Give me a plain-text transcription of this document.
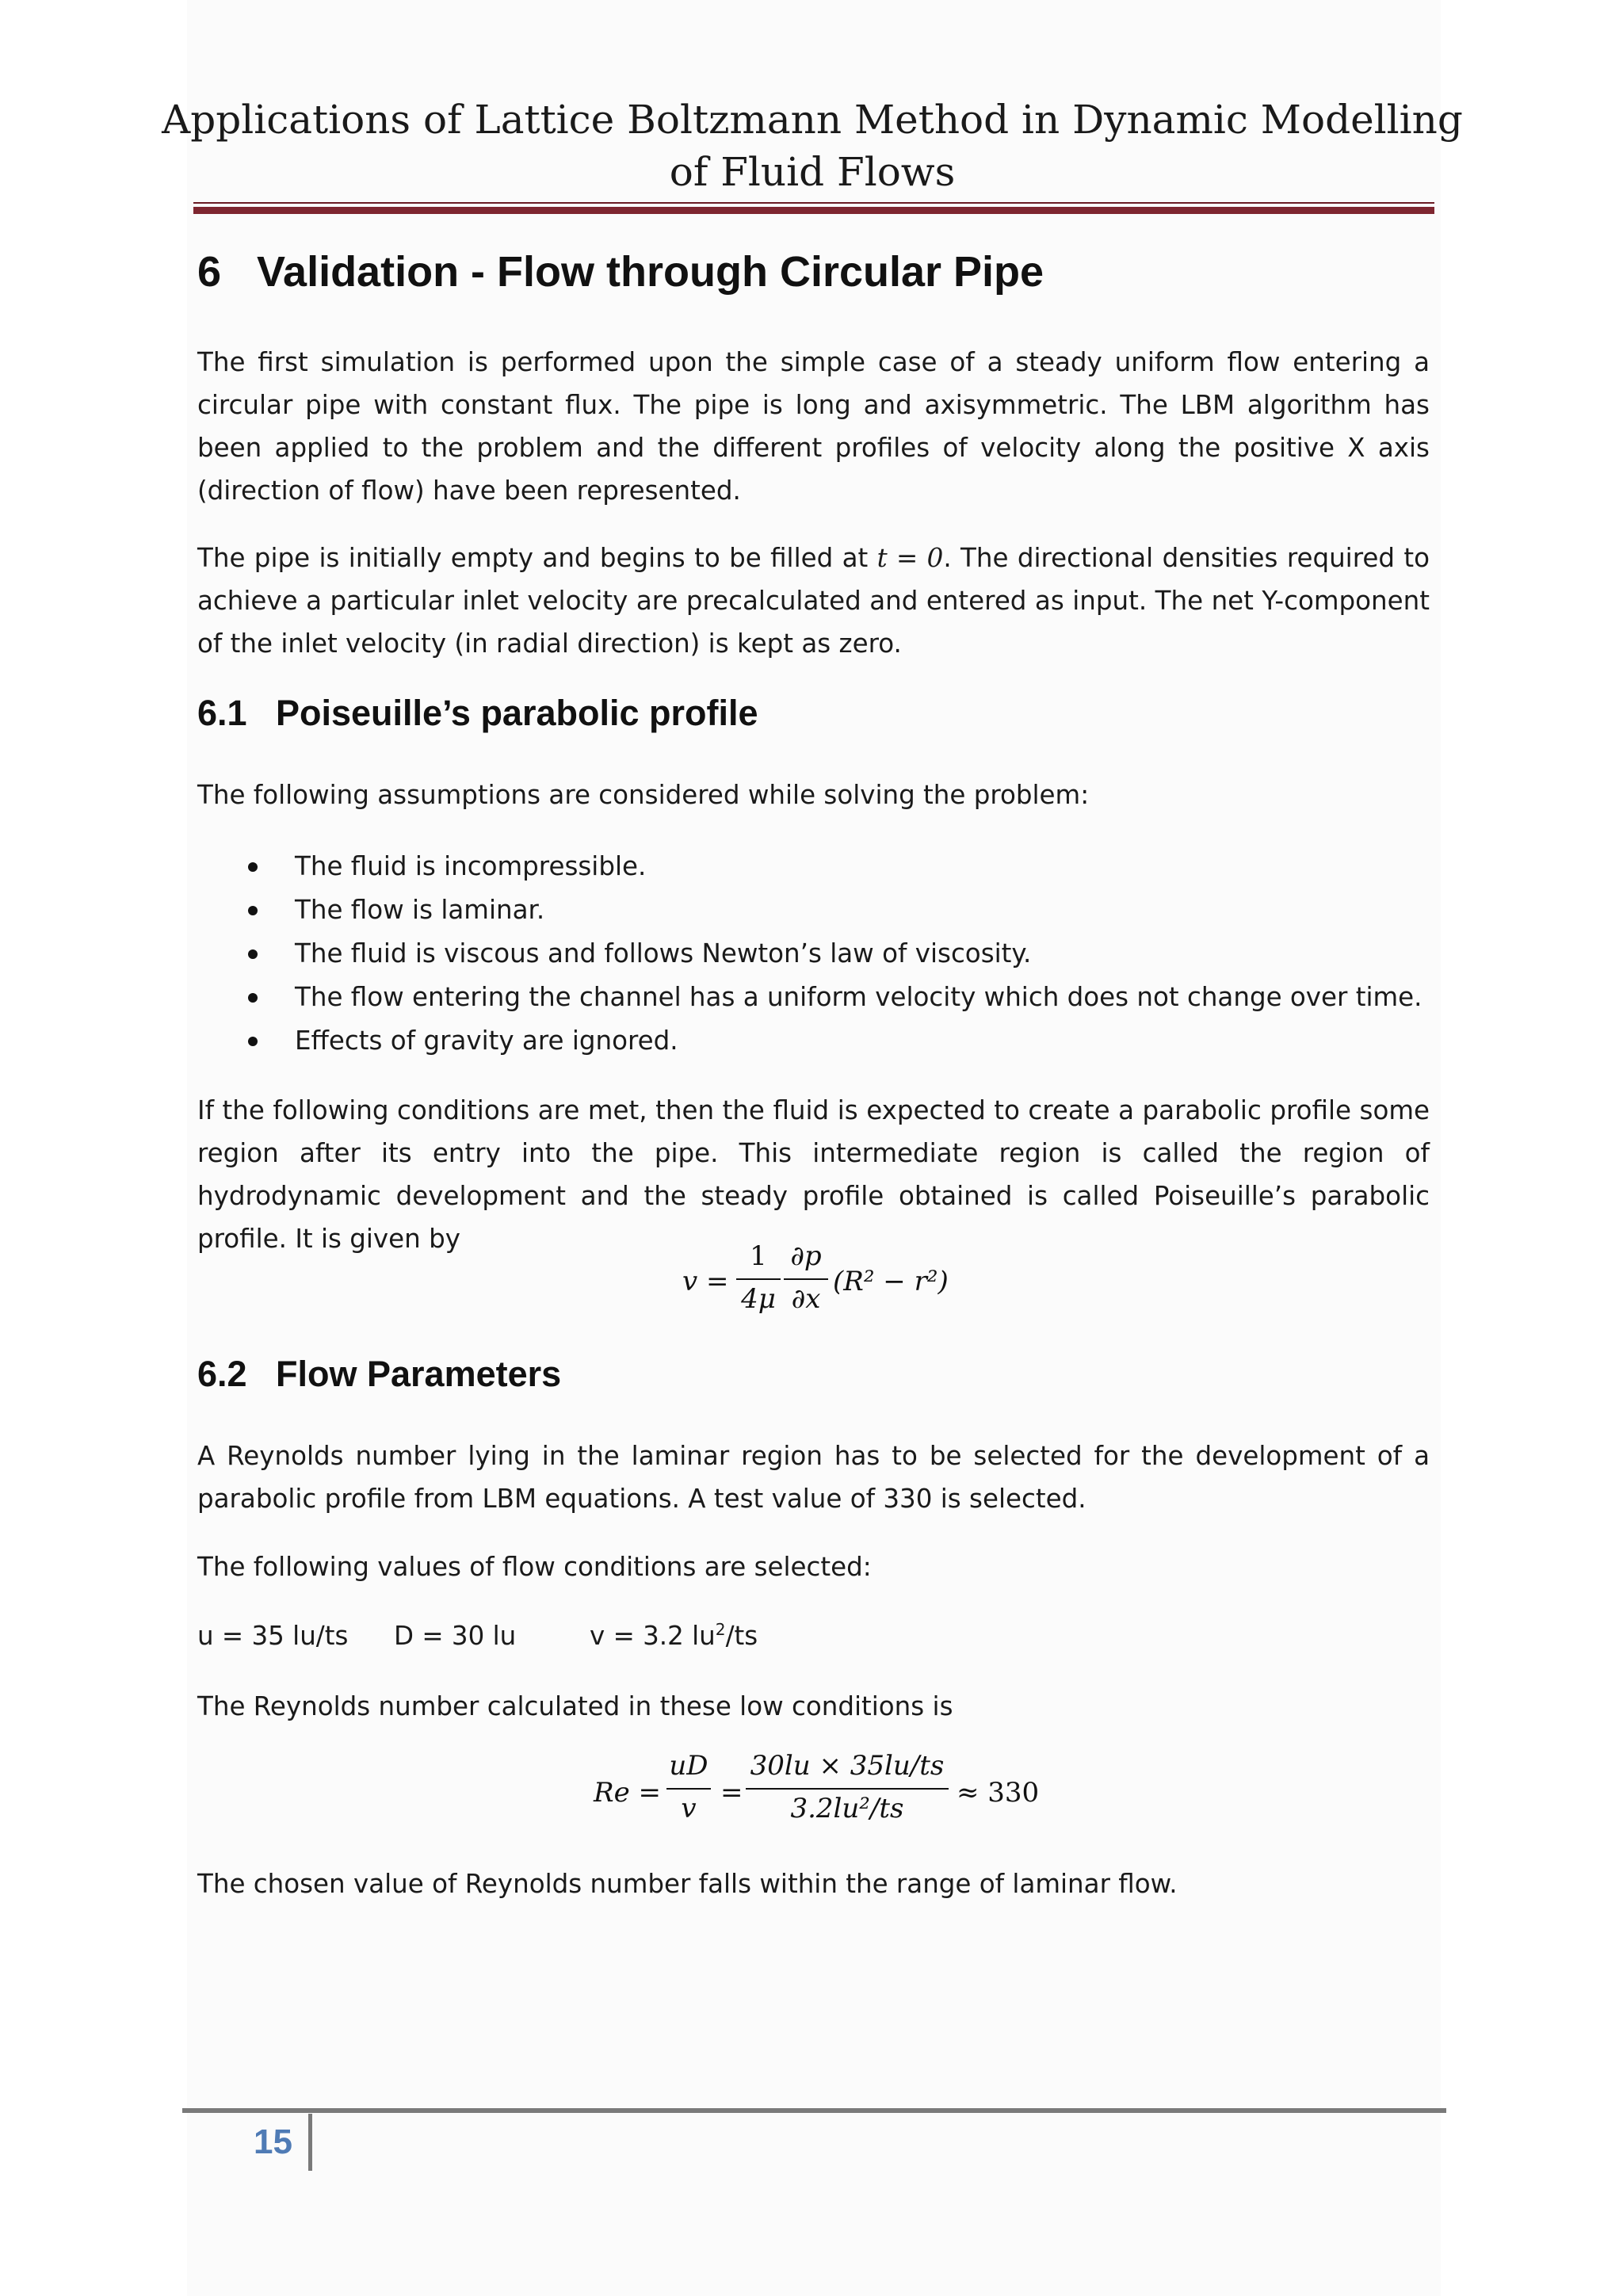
Applications of Lattice Boltzmann Method in Dynamic Modelling
of Fluid Flows
6 Validation - Flow through Circular Pipe

The first simulation is performed upon the simple case of a steady uniform flow entering a circular pipe with constant flux. The pipe is long and axisymmetric. The LBM algorithm has been applied to the problem and the different profiles of velocity along the positive X axis (direction of flow) have been represented.

The pipe is initially empty and begins to be filled at t = 0. The directional densities required to achieve a particular inlet velocity are precalculated and entered as input. The net Y-component of the inlet velocity (in radial direction) is kept as zero.

6.1 Poiseuille’s parabolic profile

The following assumptions are considered while solving the problem:

The fluid is incompressible.
The flow is laminar.
The fluid is viscous and follows Newton’s law of viscosity.
The flow entering the channel has a uniform velocity which does not change over time.
Effects of gravity are ignored.

If the following conditions are met, then the fluid is expected to create a parabolic profile some region after its entry into the pipe. This intermediate region is called the region of hydrodynamic development and the steady profile obtained is called Poiseuille’s parabolic profile. It is given by

v =
1
4μ
∂p
∂x
(R² − r²)
6.2 Flow Parameters

A Reynolds number lying in the laminar region has to be selected for the development of a parabolic profile from LBM equations. A test value of 330 is selected.

The following values of flow conditions are selected:

u = 35 lu/ts D = 30 lu	v = 3.2 $lu^2/ts$

The Reynolds number calculated in these low conditions is

Re =
uD
v =
30lu × 35lu/ts
3.2lu²/ts	≈ 330

The chosen value of Reynolds number falls within the range of laminar flow.

15
